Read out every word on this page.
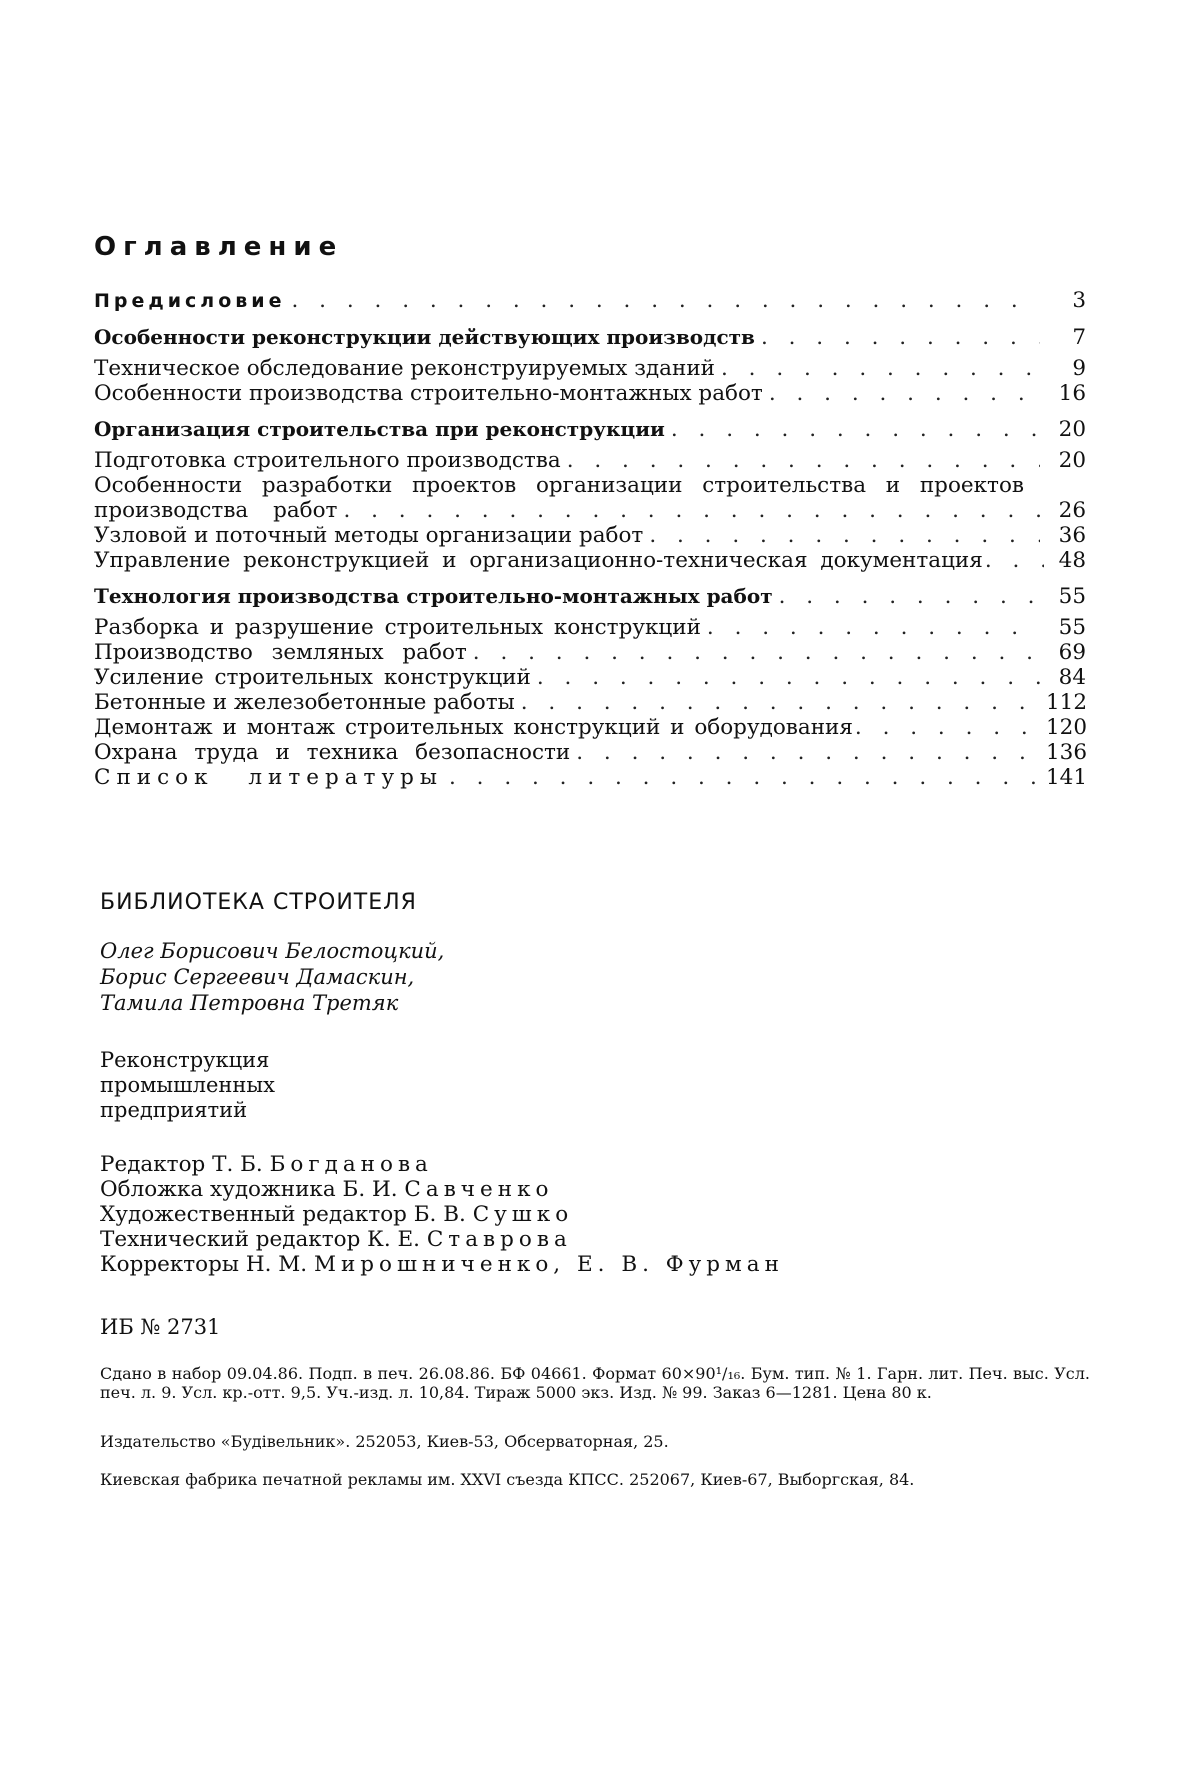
Оглавление
Предисловие . . .	3
Особенности реконструкции действующих производств . . .	7
Техническое обследование реконструируемых зданий . . .	9
Особенности производства строительно-монтажных работ . . .	16
Организация строительства при реконструкции . . .	20
Подготовка строительного производства . . .	20
Особенности разработки проектов организации строительства и проектов
производства работ . . .	26
Узловой и поточный методы организации работ . . .	36
Управление реконструкцией и организационно-техническая документация . . .	48
Технология производства строительно-монтажных работ . . .	55
Разборка и разрушение строительных конструкций . . .	55
Производство земляных работ . . .	69
Усиление строительных конструкций . . .	84
Бетонные и железобетонные работы . . .	112
Демонтаж и монтаж строительных конструкций и оборудования . . .	120
Охрана труда и техника безопасности . . .	136
Список литературы . . .	141
БИБЛИОТЕКА СТРОИТЕЛЯ
Олег Борисович Белостоцкий,
Борис Сергеевич Дамаскин,
Тамила Петровна Третяк
Реконструкция
промышленных
предприятий
Редактор Т. Б. Богданова
Обложка художника Б. И. Савченко
Художественный редактор Б. В. Сушко
Технический редактор К. Е. Ставрова
Корректоры Н. М. Мирошниченко, Е. В. Фурман
ИБ № 2731
Сдано в набор 09.04.86. Подп. в печ. 26.08.86. БФ 04661. Формат 60×90¹/₁₆. Бум. тип. № 1. Гарн. лит. Печ. выс. Усл. печ. л. 9. Усл. кр.-отт. 9,5. Уч.-изд. л. 10,84. Тираж 5000 экз. Изд. № 99. Заказ 6—1281. Цена 80 к.
Издательство «Будівельник». 252053, Киев-53, Обсерваторная, 25.
Киевская фабрика печатной рекламы им. XXVI съезда КПСС. 252067, Киев-67, Выборгская, 84.
